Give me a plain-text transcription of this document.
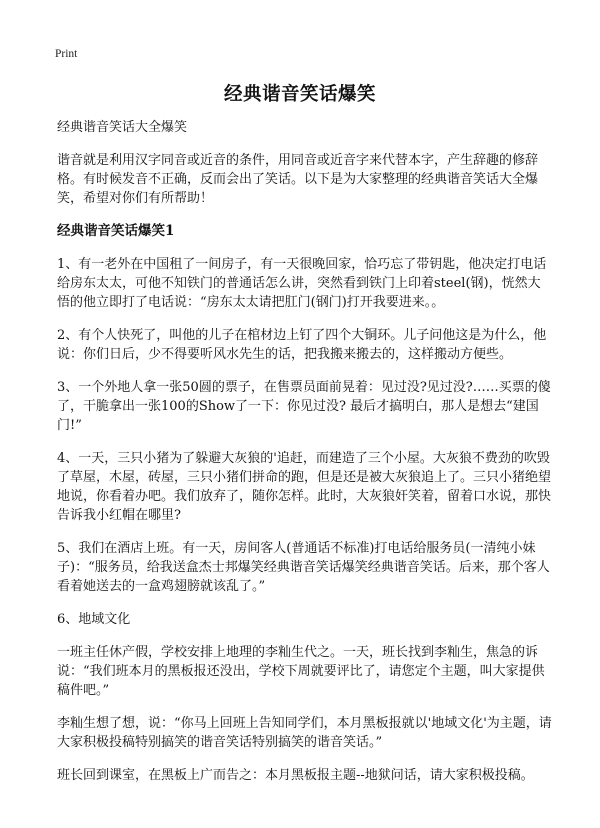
Print
经典谐音笑话爆笑

经典谐音笑话大全爆笑

谐音就是利用汉字同音或近音的条件，用同音或近音字来代替本字，产生辞趣的修辞格。有时候发音不正确，反而会出了笑话。以下是为大家整理的经典谐音笑话大全爆笑，希望对你们有所帮助！

经典谐音笑话爆笑1

1、有一老外在中国租了一间房子，有一天很晚回家，恰巧忘了带钥匙，他决定打电话给房东太太，可他不知铁门的普通话怎么讲，突然看到铁门上印着steel(钢)，恍然大悟的他立即打了电话说：“房东太太请把肛门(钢门)打开我要进来。。

2、有个人快死了，叫他的儿子在棺材边上钉了四个大铜环。儿子问他这是为什么，他说：你们日后，少不得要听风水先生的话，把我搬来搬去的，这样搬动方便些。

3、一个外地人拿一张50圆的票子，在售票员面前晃着：见过没?见过没?……买票的傻了，干脆拿出一张100的Show了一下：你见过没? 最后才搞明白，那人是想去“建国门!”

4、一天，三只小猪为了躲避大灰狼的'追赶，而建造了三个小屋。大灰狼不费劲的吹毁了草屋，木屋，砖屋，三只小猪们拼命的跑，但是还是被大灰狼追上了。三只小猪绝望地说，你看着办吧。我们放弃了，随你怎样。此时，大灰狼奸笑着，留着口水说，那快告诉我小红帽在哪里?

5、我们在酒店上班。有一天，房间客人(普通话不标准)打电话给服务员(一清纯小妹子)：“服务员，给我送盒杰士邦爆笑经典谐音笑话爆笑经典谐音笑话。后来，那个客人看着她送去的一盒鸡翅膀就该乱了。”

6、地域文化

一班主任休产假，学校安排上地理的李籼生代之。一天，班长找到李籼生，焦急的诉说：“我们班本月的黑板报还没出，学校下周就要评比了，请您定个主题，叫大家提供稿件吧。”

李籼生想了想，说：“你马上回班上告知同学们，本月黑板报就以'地域文化'为主题，请大家积极投稿特别搞笑的谐音笑话特别搞笑的谐音笑话。”

班长回到课室，在黑板上广而告之：本月黑板报主题--地狱问话，请大家积极投稿。
